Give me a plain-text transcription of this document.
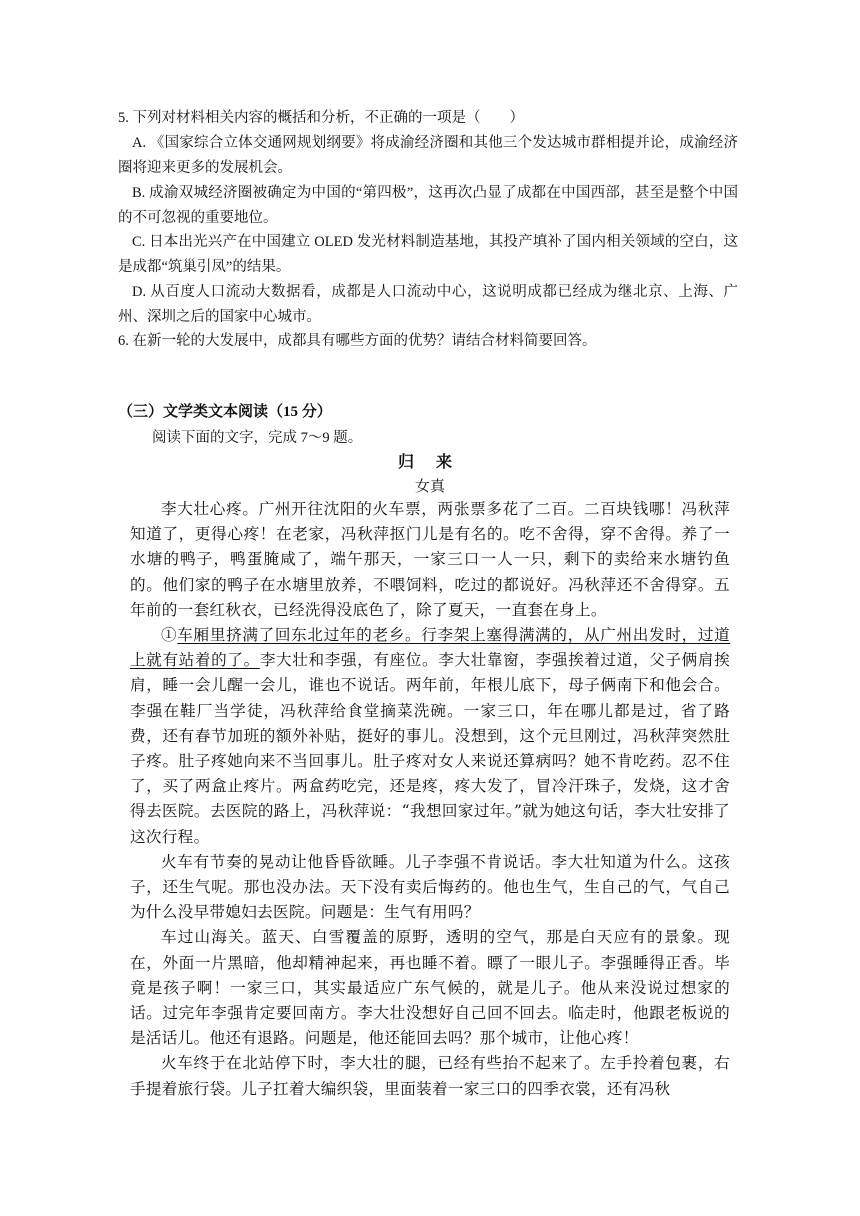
5. 下列对材料相关内容的概括和分析，不正确的一项是（　　）
A. 《国家综合立体交通网规划纲要》将成渝经济圈和其他三个发达城市群相提并论，成渝经济圈将迎来更多的发展机会。
B. 成渝双城经济圈被确定为中国的“第四极”，这再次凸显了成都在中国西部，甚至是整个中国的不可忽视的重要地位。
C. 日本出光兴产在中国建立 OLED 发光材料制造基地，其投产填补了国内相关领域的空白，这是成都“筑巢引凤”的结果。
D. 从百度人口流动大数据看，成都是人口流动中心，这说明成都已经成为继北京、上海、广州、深圳之后的国家中心城市。
6. 在新一轮的大发展中，成都具有哪些方面的优势？请结合材料简要回答。
（三）文学类文本阅读（15 分）
阅读下面的文字，完成 7～9 题。
归来
女真

李大壮心疼。广州开往沈阳的火车票，两张票多花了二百。二百块钱哪！冯秋萍知道了，更得心疼！在老家，冯秋萍抠门儿是有名的。吃不舍得，穿不舍得。养了一水塘的鸭子，鸭蛋腌咸了，端午那天，一家三口一人一只，剩下的卖给来水塘钓鱼的。他们家的鸭子在水塘里放养，不喂饲料，吃过的都说好。冯秋萍还不舍得穿。五年前的一套红秋衣，已经洗得没底色了，除了夏天，一直套在身上。

①车厢里挤满了回东北过年的老乡。行李架上塞得满满的，从广州出发时，过道上就有站着的了。李大壮和李强，有座位。李大壮靠窗，李强挨着过道，父子俩肩挨肩，睡一会儿醒一会儿，谁也不说话。两年前，年根儿底下，母子俩南下和他会合。李强在鞋厂当学徒，冯秋萍给食堂摘菜洗碗。一家三口，年在哪儿都是过，省了路费，还有春节加班的额外补贴，挺好的事儿。没想到，这个元旦刚过，冯秋萍突然肚子疼。肚子疼她向来不当回事儿。肚子疼对女人来说还算病吗？她不肯吃药。忍不住了，买了两盒止疼片。两盒药吃完，还是疼，疼大发了，冒冷汗珠子，发烧，这才舍得去医院。去医院的路上，冯秋萍说：“我想回家过年。”就为她这句话，李大壮安排了这次行程。

火车有节奏的晃动让他昏昏欲睡。儿子李强不肯说话。李大壮知道为什么。这孩子，还生气呢。那也没办法。天下没有卖后悔药的。他也生气，生自己的气，气自己为什么没早带媳妇去医院。问题是：生气有用吗？

车过山海关。蓝天、白雪覆盖的原野，透明的空气，那是白天应有的景象。现在，外面一片黑暗，他却精神起来，再也睡不着。瞟了一眼儿子。李强睡得正香。毕竟是孩子啊！一家三口，其实最适应广东气候的，就是儿子。他从来没说过想家的话。过完年李强肯定要回南方。李大壮没想好自己回不回去。临走时，他跟老板说的是活话儿。他还有退路。问题是，他还能回去吗？那个城市，让他心疼！

火车终于在北站停下时，李大壮的腿，已经有些抬不起来了。左手拎着包裹，右手提着旅行袋。儿子扛着大编织袋，里面装着一家三口的四季衣裳，还有冯秋
